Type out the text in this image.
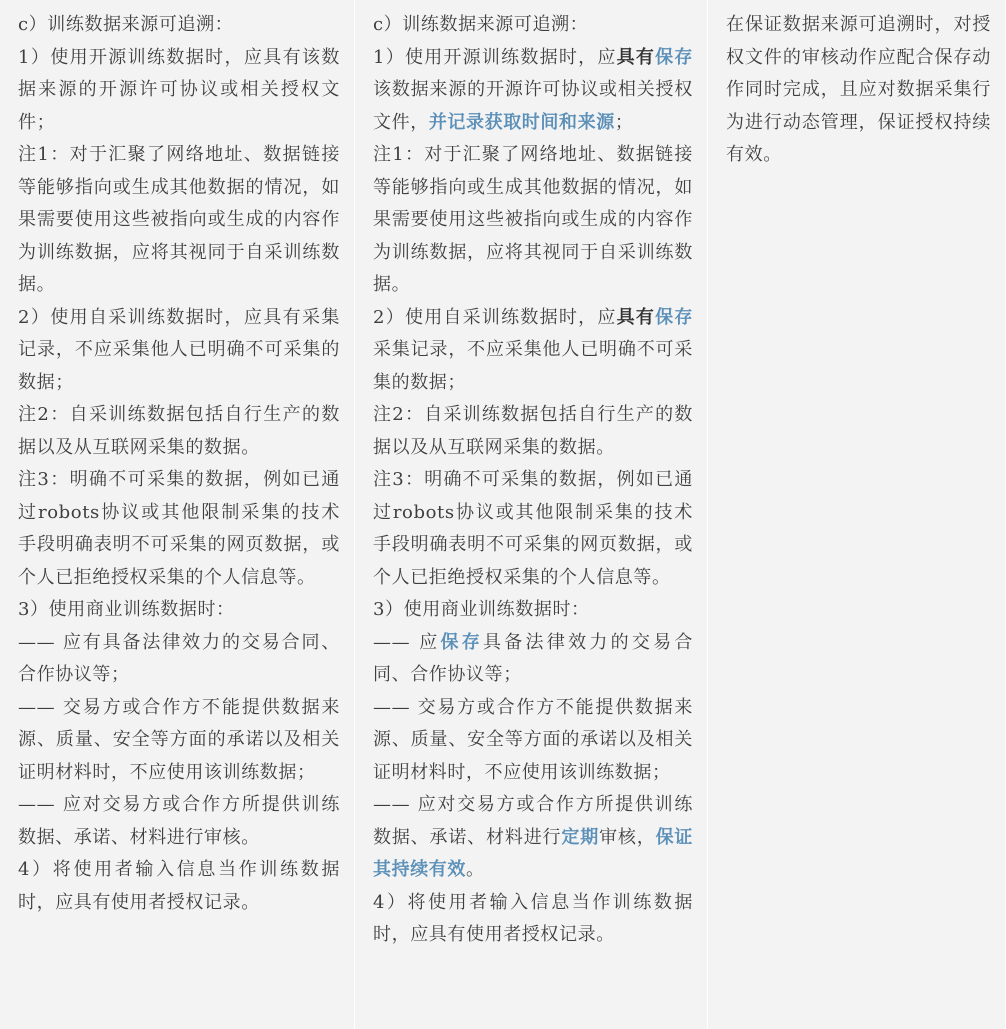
c）训练数据来源可追溯：

1）使用开源训练数据时，应具有该数据来源的开源许可协议或相关授权文件；

注1：对于汇聚了网络地址、数据链接等能够指向或生成其他数据的情况，如果需要使用这些被指向或生成的内容作为训练数据，应将其视同于自采训练数据。

2）使用自采训练数据时，应具有采集记录，不应采集他人已明确不可采集的数据；

注2：自采训练数据包括自行生产的数据以及从互联网采集的数据。

注3：明确不可采集的数据，例如已通过robots协议或其他限制采集的技术手段明确表明不可采集的网页数据，或个人已拒绝授权采集的个人信息等。

3）使用商业训练数据时：

—— 应有具备法律效力的交易合同、合作协议等；

—— 交易方或合作方不能提供数据来源、质量、安全等方面的承诺以及相关证明材料时，不应使用该训练数据；

—— 应对交易方或合作方所提供训练数据、承诺、材料进行审核。

4）将使用者输入信息当作训练数据时，应具有使用者授权记录。

c）训练数据来源可追溯：

1）使用开源训练数据时，应具有保存该数据来源的开源许可协议或相关授权文件，并记录获取时间和来源；

注1：对于汇聚了网络地址、数据链接等能够指向或生成其他数据的情况，如果需要使用这些被指向或生成的内容作为训练数据，应将其视同于自采训练数据。

2）使用自采训练数据时，应具有保存采集记录，不应采集他人已明确不可采集的数据；

注2：自采训练数据包括自行生产的数据以及从互联网采集的数据。

注3：明确不可采集的数据，例如已通过robots协议或其他限制采集的技术手段明确表明不可采集的网页数据，或个人已拒绝授权采集的个人信息等。

3）使用商业训练数据时：

—— 应保存具备法律效力的交易合同、合作协议等；

—— 交易方或合作方不能提供数据来源、质量、安全等方面的承诺以及相关证明材料时，不应使用该训练数据；

—— 应对交易方或合作方所提供训练数据、承诺、材料进行定期审核，保证其持续有效。

4）将使用者输入信息当作训练数据时，应具有使用者授权记录。

在保证数据来源可追溯时，对授权文件的审核动作应配合保存动作同时完成，且应对数据采集行为进行动态管理，保证授权持续有效。
